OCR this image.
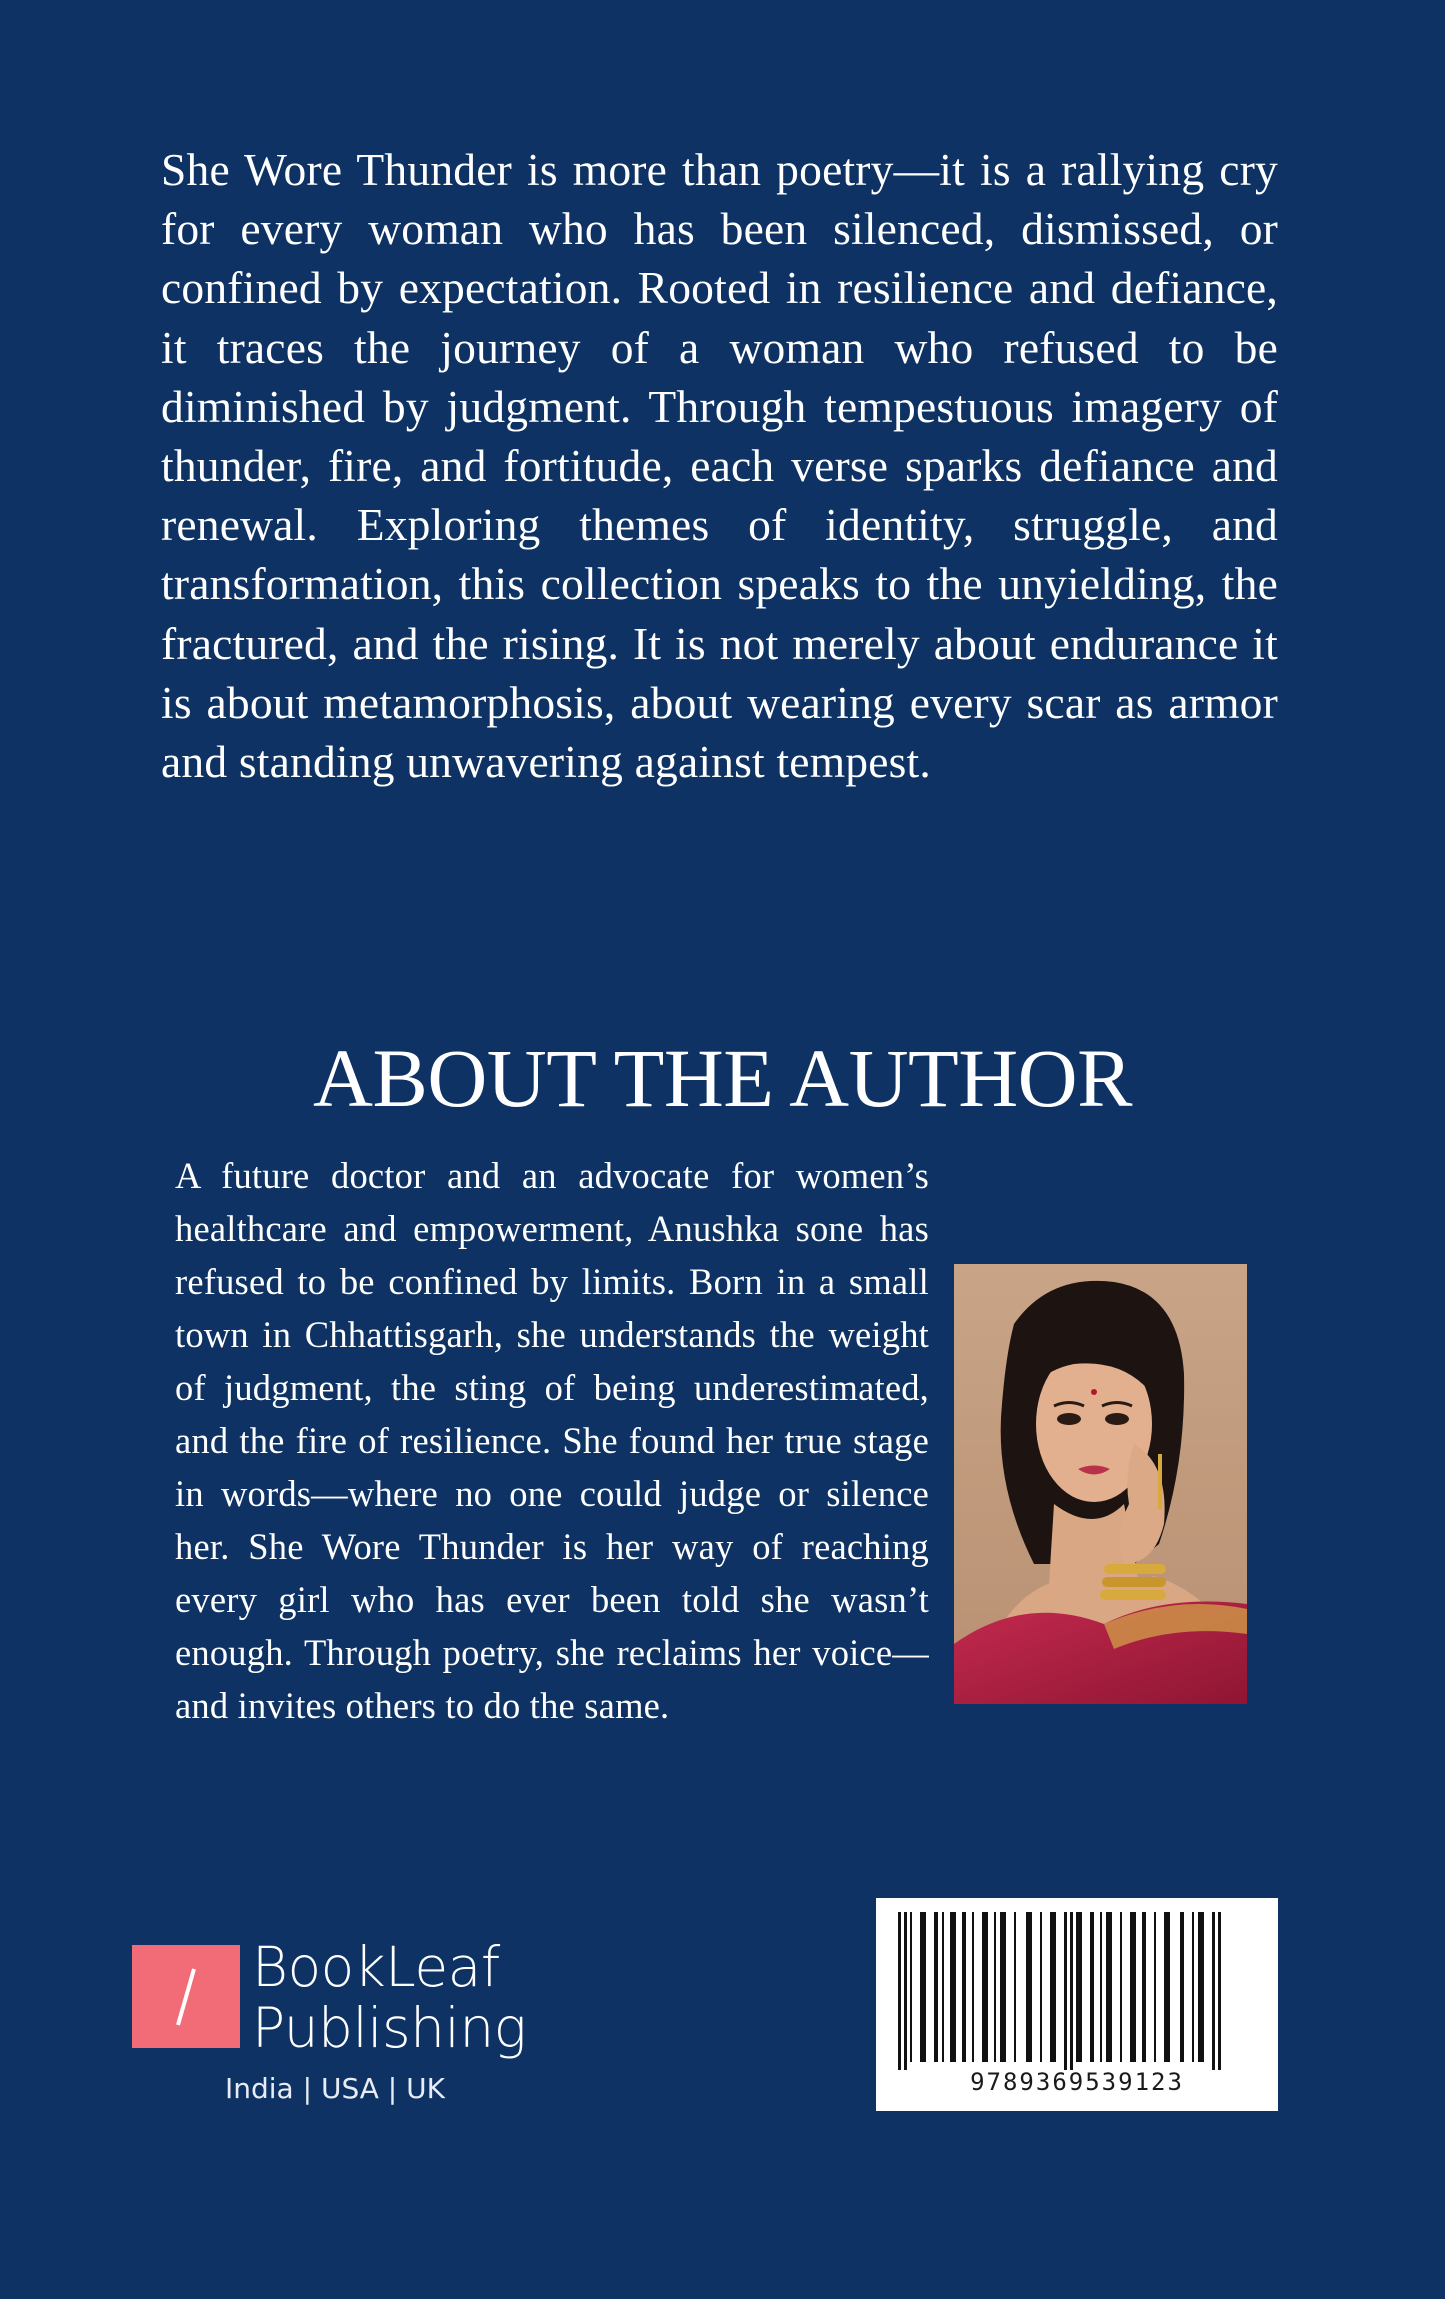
She Wore Thunder is more than poetry—it is a rallying cry for every woman who has been silenced, dismissed, or confined by expectation. Rooted in resilience and defiance, it traces the journey of a woman who refused to be diminished by judgment. Through tempestuous imagery of thunder, fire, and fortitude, each verse sparks defiance and renewal. Exploring themes of identity, struggle, and transformation, this collection speaks to the unyielding, the fractured, and the rising. It is not merely about endurance it is about metamorphosis, about wearing every scar as armor and standing unwavering against tempest.

ABOUT THE AUTHOR

A future doctor and an advocate for women’s healthcare and empowerment, Anushka sone has refused to be confined by limits. Born in a small town in Chhattisgarh, she understands the weight of judgment, the sting of being underestimated, and the fire of resilience. She found her true stage in words—where no one could judge or silence her. She Wore Thunder is her way of reaching every girl who has ever been told she wasn’t enough. Through poetry, she reclaims her voice—and invites others to do the same.

BookLeaf
Publishing
India | USA | UK	9789369539123
